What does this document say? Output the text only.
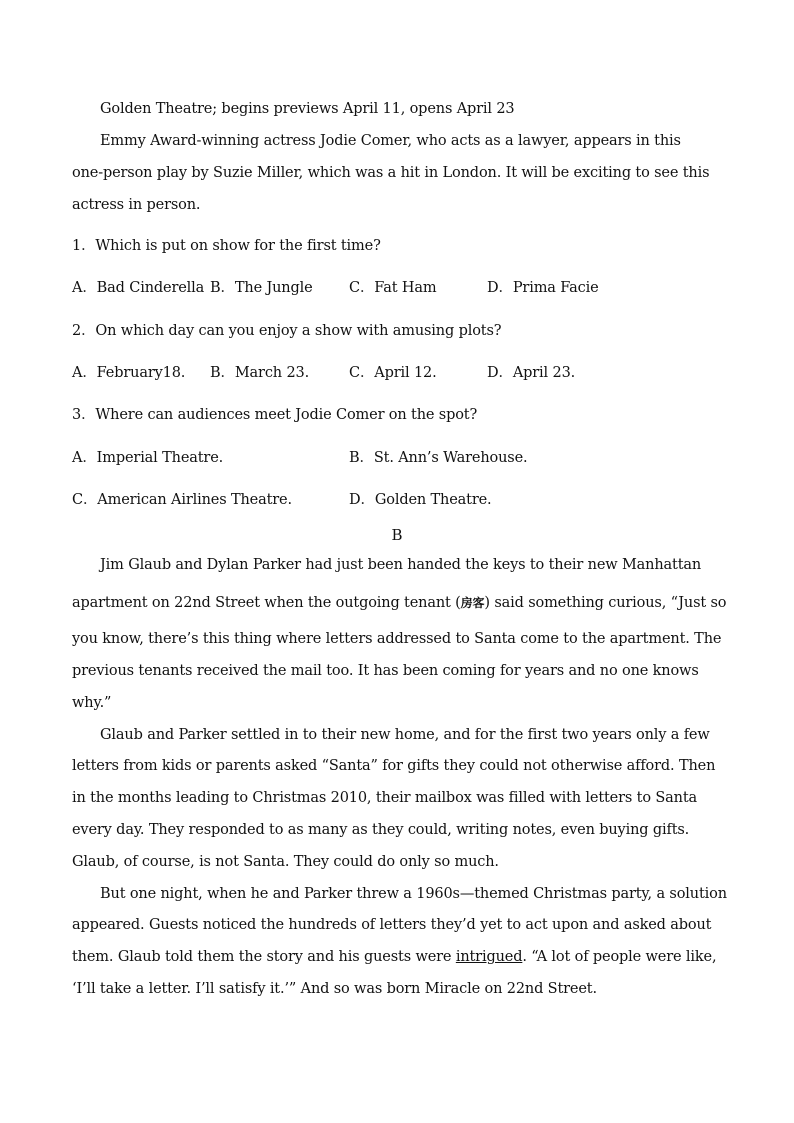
Golden Theatre; begins previews April 11, opens April 23
Emmy Award-winning actress Jodie Comer, who acts as a lawyer, appears in this
one-person play by Suzie Miller, which was a hit in London. It will be exciting to see this
actress in person.
1．Which is put on show for the first time?
A．Bad Cinderella B．The Jungle	C．Fat Ham	D．Prima Facie
2．On which day can you enjoy a show with amusing plots?
A．February18. B．March 23.	C．April 12.	D．April 23.
3．Where can audiences meet Jodie Comer on the spot?
A．Imperial Theatre.	B．St. Ann’s Warehouse.
C．American Airlines Theatre.	D．Golden Theatre.
B
Jim Glaub and Dylan Parker had just been handed the keys to their new Manhattan
apartment on 22nd Street when the outgoing tenant (房客) said something curious, “Just so
you know, there’s this thing where letters addressed to Santa come to the apartment. The
previous tenants received the mail too. It has been coming for years and no one knows
why.”
Glaub and Parker settled in to their new home, and for the first two years only a few
letters from kids or parents asked “Santa” for gifts they could not otherwise afford. Then
in the months leading to Christmas 2010, their mailbox was filled with letters to Santa
every day. They responded to as many as they could, writing notes, even buying gifts.
Glaub, of course, is not Santa. They could do only so much.
But one night, when he and Parker threw a 1960s—themed Christmas party, a solution
appeared. Guests noticed the hundreds of letters they’d yet to act upon and asked about
them. Glaub told them the story and his guests were intrigued. “A lot of people were like,
‘I’ll take a letter. I’ll satisfy it.’” And so was born Miracle on 22nd Street.
